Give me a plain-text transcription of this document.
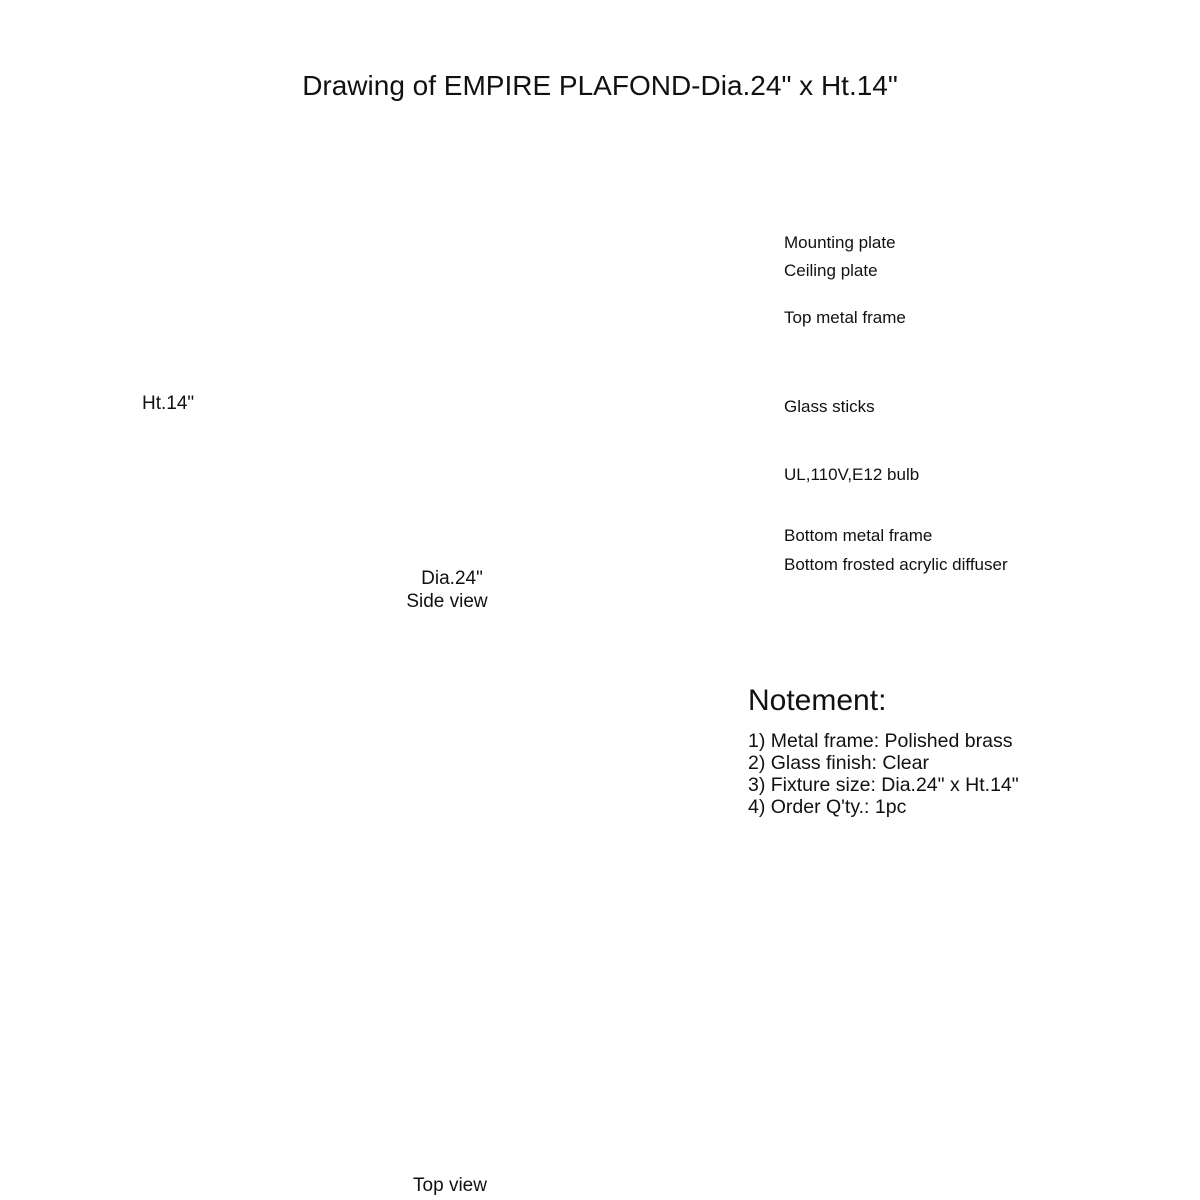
Drawing of EMPIRE PLAFOND-Dia.24" x Ht.14"
Mounting plate
Ceiling plate
Top metal frame
Glass sticks
UL,110V,E12 bulb
Bottom metal frame
Bottom frosted acrylic diffuser
Ht.14"
Dia.24"
Side view
Top view
Notement:
1) Metal frame: Polished brass
2) Glass finish: Clear
3) Fixture size: Dia.24" x Ht.14"
4) Order Q'ty.: 1pc
